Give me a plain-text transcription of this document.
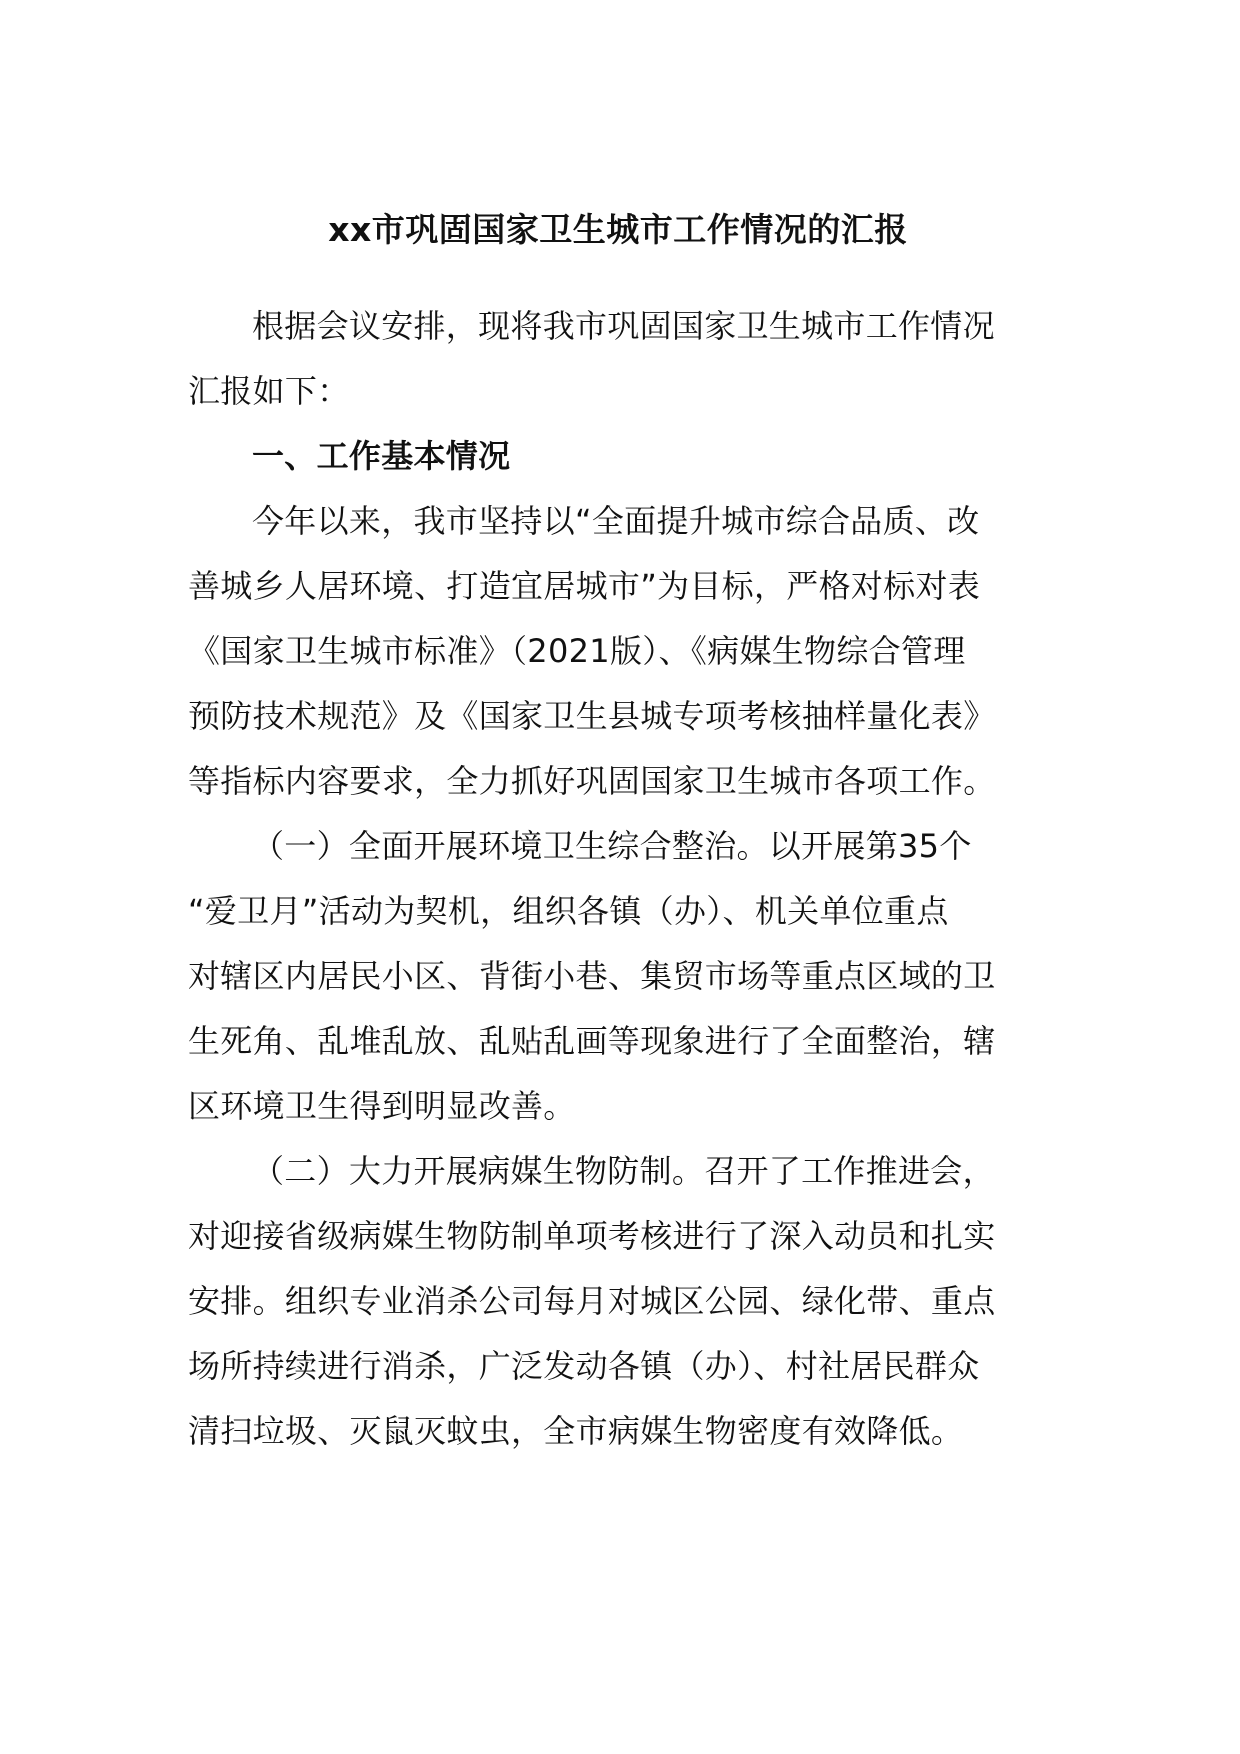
xx市巩固国家卫生城市工作情况的汇报

根据会议安排，现将我市巩固国家卫生城市工作情况
汇报如下：

一、工作基本情况

今年以来，我市坚持以“全面提升城市综合品质、改
善城乡人居环境、打造宜居城市”为目标，严格对标对表
《国家卫生城市标准》（2021版）、《病媒生物综合管理
预防技术规范》及《国家卫生县城专项考核抽样量化表》
等指标内容要求，全力抓好巩固国家卫生城市各项工作。

（一）全面开展环境卫生综合整治。以开展第35个
“爱卫月”活动为契机，组织各镇（办）、机关单位重点
对辖区内居民小区、背街小巷、集贸市场等重点区域的卫
生死角、乱堆乱放、乱贴乱画等现象进行了全面整治，辖
区环境卫生得到明显改善。

（二）大力开展病媒生物防制。召开了工作推进会，
对迎接省级病媒生物防制单项考核进行了深入动员和扎实
安排。组织专业消杀公司每月对城区公园、绿化带、重点
场所持续进行消杀，广泛发动各镇（办）、村社居民群众
清扫垃圾、灭鼠灭蚊虫，全市病媒生物密度有效降低。
